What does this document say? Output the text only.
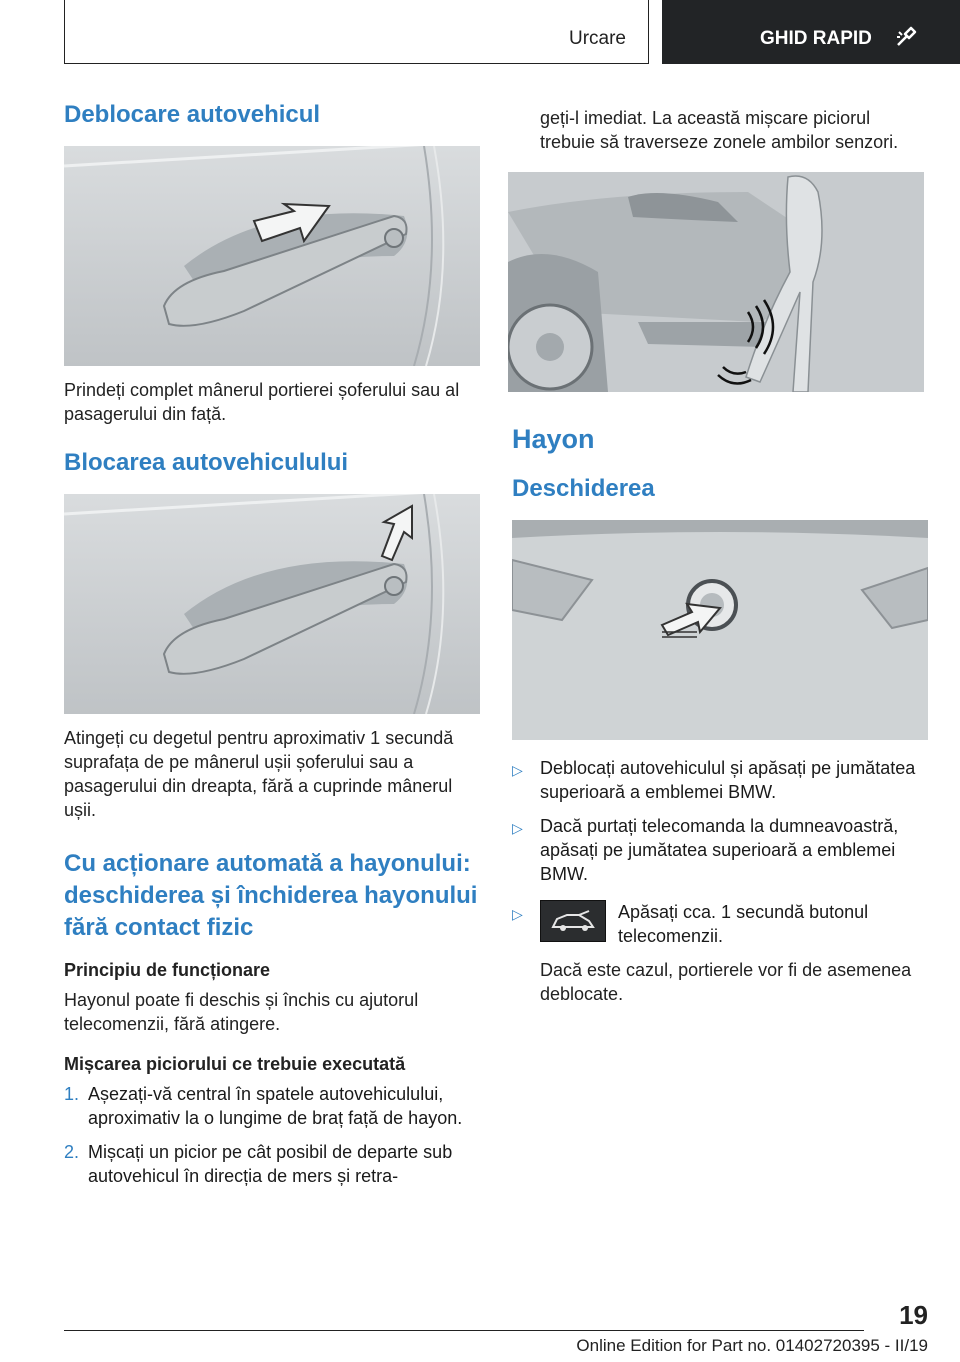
Urcare	GHID RAPID
Deblocare autovehicul

Prindeți complet mânerul portierei șoferului sau al pasagerului din față.

Blocarea autovehiculului

Atingeți cu degetul pentru aproximativ 1 secundă suprafața de pe mânerul ușii șoferului sau a pasagerului din dreapta, fără a cuprinde mânerul ușii.

Cu acționare automată a hayonului: deschiderea și închiderea hayonului fără contact fizic

Principiu de funcționare

Hayonul poate fi deschis și închis cu ajutorul telecomenzii, fără atingere.

Mișcarea piciorului ce trebuie executată

1. Așezați-vă central în spatele autovehiculului, aproximativ la o lungime de braț față de hayon.
2. Mișcați un picior pe cât posibil de departe sub autovehicul în direcția de mers și retra-

geți-l imediat. La această mișcare piciorul trebuie să traverseze zonele ambilor senzori.

Hayon
Deschiderea
▷ Deblocați autovehiculul și apăsați pe jumătatea superioară a emblemei BMW.
▷ Dacă purtați telecomanda la dumneavoastră, apăsați pe jumătatea superioară a emblemei BMW.
▷	Apăsați cca. 1 secundă butonul telecomenzii.

Dacă este cazul, portierele vor fi de asemenea deblocate.

19
Online Edition for Part no. 01402720395 - II/19
